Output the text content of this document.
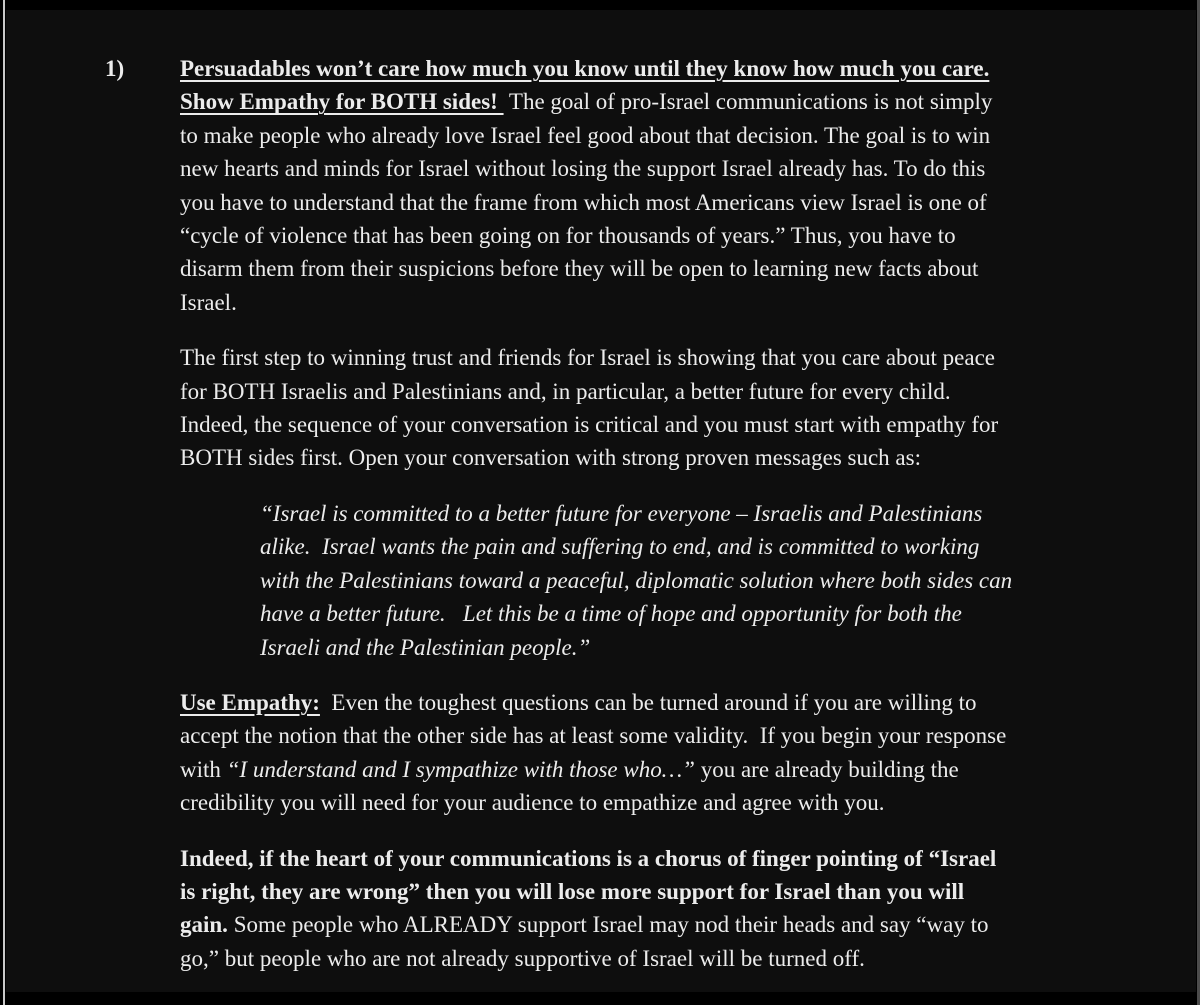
1) Persuadables won’t care how much you know until they know how much you care.
Show Empathy for BOTH sides!  The goal of pro-Israel communications is not simply
to make people who already love Israel feel good about that decision. The goal is to win
new hearts and minds for Israel without losing the support Israel already has. To do this
you have to understand that the frame from which most Americans view Israel is one of
“cycle of violence that has been going on for thousands of years.” Thus, you have to
disarm them from their suspicions before they will be open to learning new facts about
Israel.
The first step to winning trust and friends for Israel is showing that you care about peace
for BOTH Israelis and Palestinians and, in particular, a better future for every child.
Indeed, the sequence of your conversation is critical and you must start with empathy for
BOTH sides first. Open your conversation with strong proven messages such as:
“Israel is committed to a better future for everyone – Israelis and Palestinians
alike.  Israel wants the pain and suffering to end, and is committed to working
with the Palestinians toward a peaceful, diplomatic solution where both sides can
have a better future.   Let this be a time of hope and opportunity for both the
Israeli and the Palestinian people.”
Use Empathy:  Even the toughest questions can be turned around if you are willing to
accept the notion that the other side has at least some validity.  If you begin your response
with “I understand and I sympathize with those who…” you are already building the
credibility you will need for your audience to empathize and agree with you.
Indeed, if the heart of your communications is a chorus of finger pointing of “Israel
is right, they are wrong” then you will lose more support for Israel than you will
gain. Some people who ALREADY support Israel may nod their heads and say “way to
go,” but people who are not already supportive of Israel will be turned off.
